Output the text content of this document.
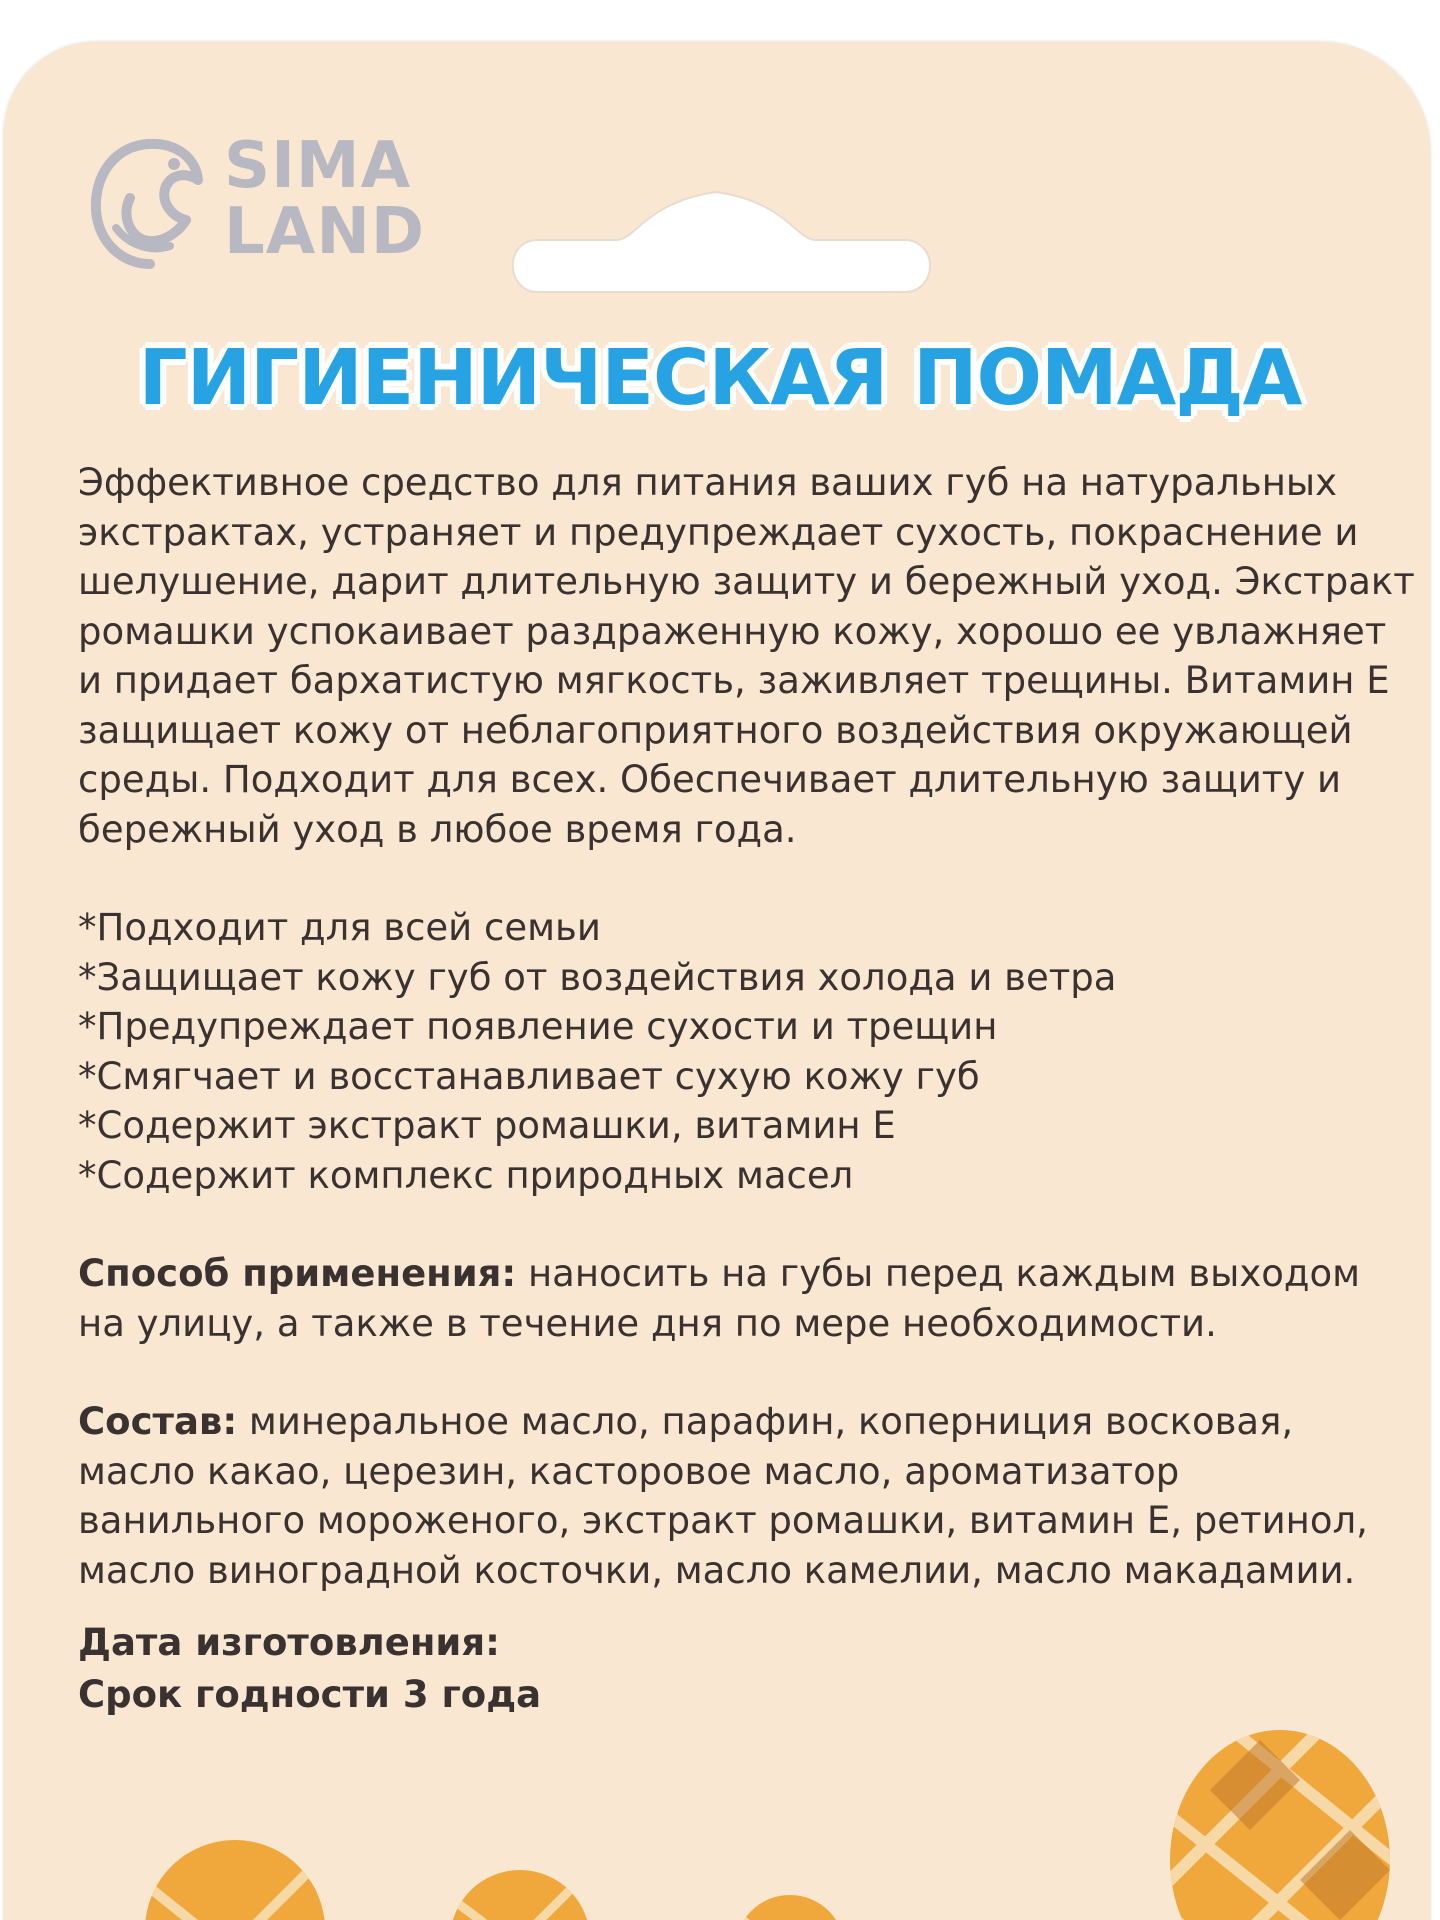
SIMA
LAND
ГИГИЕНИЧЕСКАЯ ПОМАДА

Эффективное средство для питания ваших губ на натуральных экстрактах, устраняет и предупреждает сухость, покраснение и шелушение, дарит длительную защиту и бережный уход. Экстракт ромашки успокаивает раздраженную кожу, хорошо ее увлажняет и придает бархатистую мягкость, заживляет трещины. Витамин Е защищает кожу от неблагоприятного воздействия окружающей среды. Подходит для всех. Обеспечивает длительную защиту и бережный уход в любое время года.

*Подходит для всей семьи

*Защищает кожу губ от воздействия холода и ветра

*Предупреждает появление сухости и трещин

*Смягчает и восстанавливает сухую кожу губ

*Содержит экстракт ромашки, витамин Е

*Содержит комплекс природных масел

Способ применения: наносить на губы перед каждым выходом на улицу, а также в течение дня по мере необходимости.

Состав: минеральное масло, парафин, коперниция восковая, масло какао, церезин, касторовое масло, ароматизатор ванильного мороженого, экстракт ромашки, витамин Е, ретинол, масло виноградной косточки, масло камелии, масло макадамии.

Дата изготовления:

Срок годности 3 года
